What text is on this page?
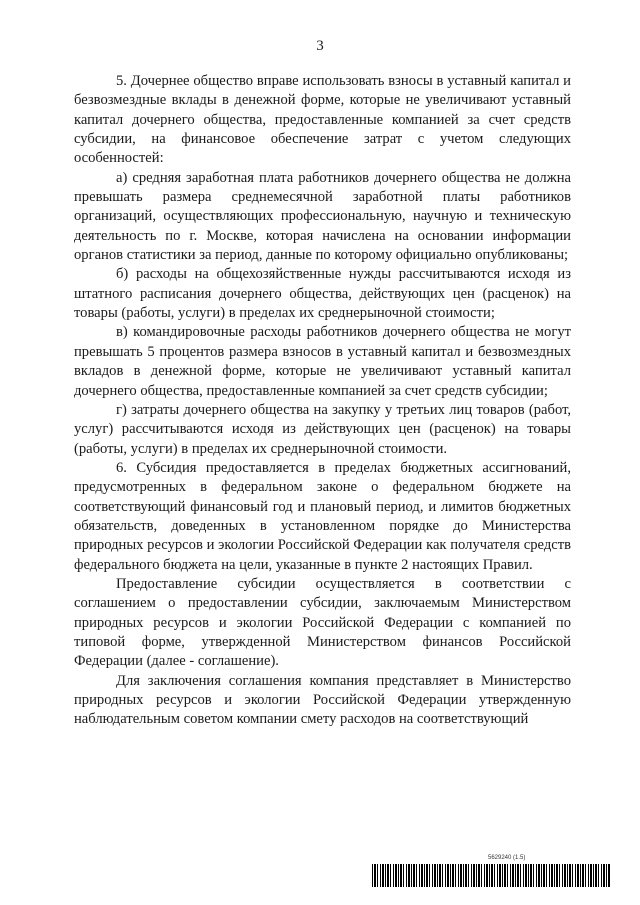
3

5. Дочернее общество вправе использовать взносы в уставный капитал и безвозмездные вклады в денежной форме, которые не увеличивают уставный капитал дочернего общества, предоставленные компанией за счет средств субсидии, на финансовое обеспечение затрат с учетом следующих особенностей:

а) средняя заработная плата работников дочернего общества не должна превышать размера среднемесячной заработной платы работников организаций, осуществляющих профессиональную, научную и техническую деятельность по г. Москве, которая начислена на основании информации органов статистики за период, данные по которому официально опубликованы;

б) расходы на общехозяйственные нужды рассчитываются исходя из штатного расписания дочернего общества, действующих цен (расценок) на товары (работы, услуги) в пределах их среднерыночной стоимости;

в) командировочные расходы работников дочернего общества не могут превышать 5 процентов размера взносов в уставный капитал и безвозмездных вкладов в денежной форме, которые не увеличивают уставный капитал дочернего общества, предоставленные компанией за счет средств субсидии;

г) затраты дочернего общества на закупку у третьих лиц товаров (работ, услуг) рассчитываются исходя из действующих цен (расценок) на товары (работы, услуги) в пределах их среднерыночной стоимости.

6. Субсидия предоставляется в пределах бюджетных ассигнований, предусмотренных в федеральном законе о федеральном бюджете на соответствующий финансовый год и плановый период, и лимитов бюджетных обязательств, доведенных в установленном порядке до Министерства природных ресурсов и экологии Российской Федерации как получателя средств федерального бюджета на цели, указанные в пункте 2 настоящих Правил.

Предоставление субсидии осуществляется в соответствии с соглашением о предоставлении субсидии, заключаемым Министерством природных ресурсов и экологии Российской Федерации с компанией по типовой форме, утвержденной Министерством финансов Российской Федерации (далее - соглашение).

Для заключения соглашения компания представляет в Министерство природных ресурсов и экологии Российской Федерации утвержденную наблюдательным советом компании смету расходов на соответствующий

5629240 (1.5)
